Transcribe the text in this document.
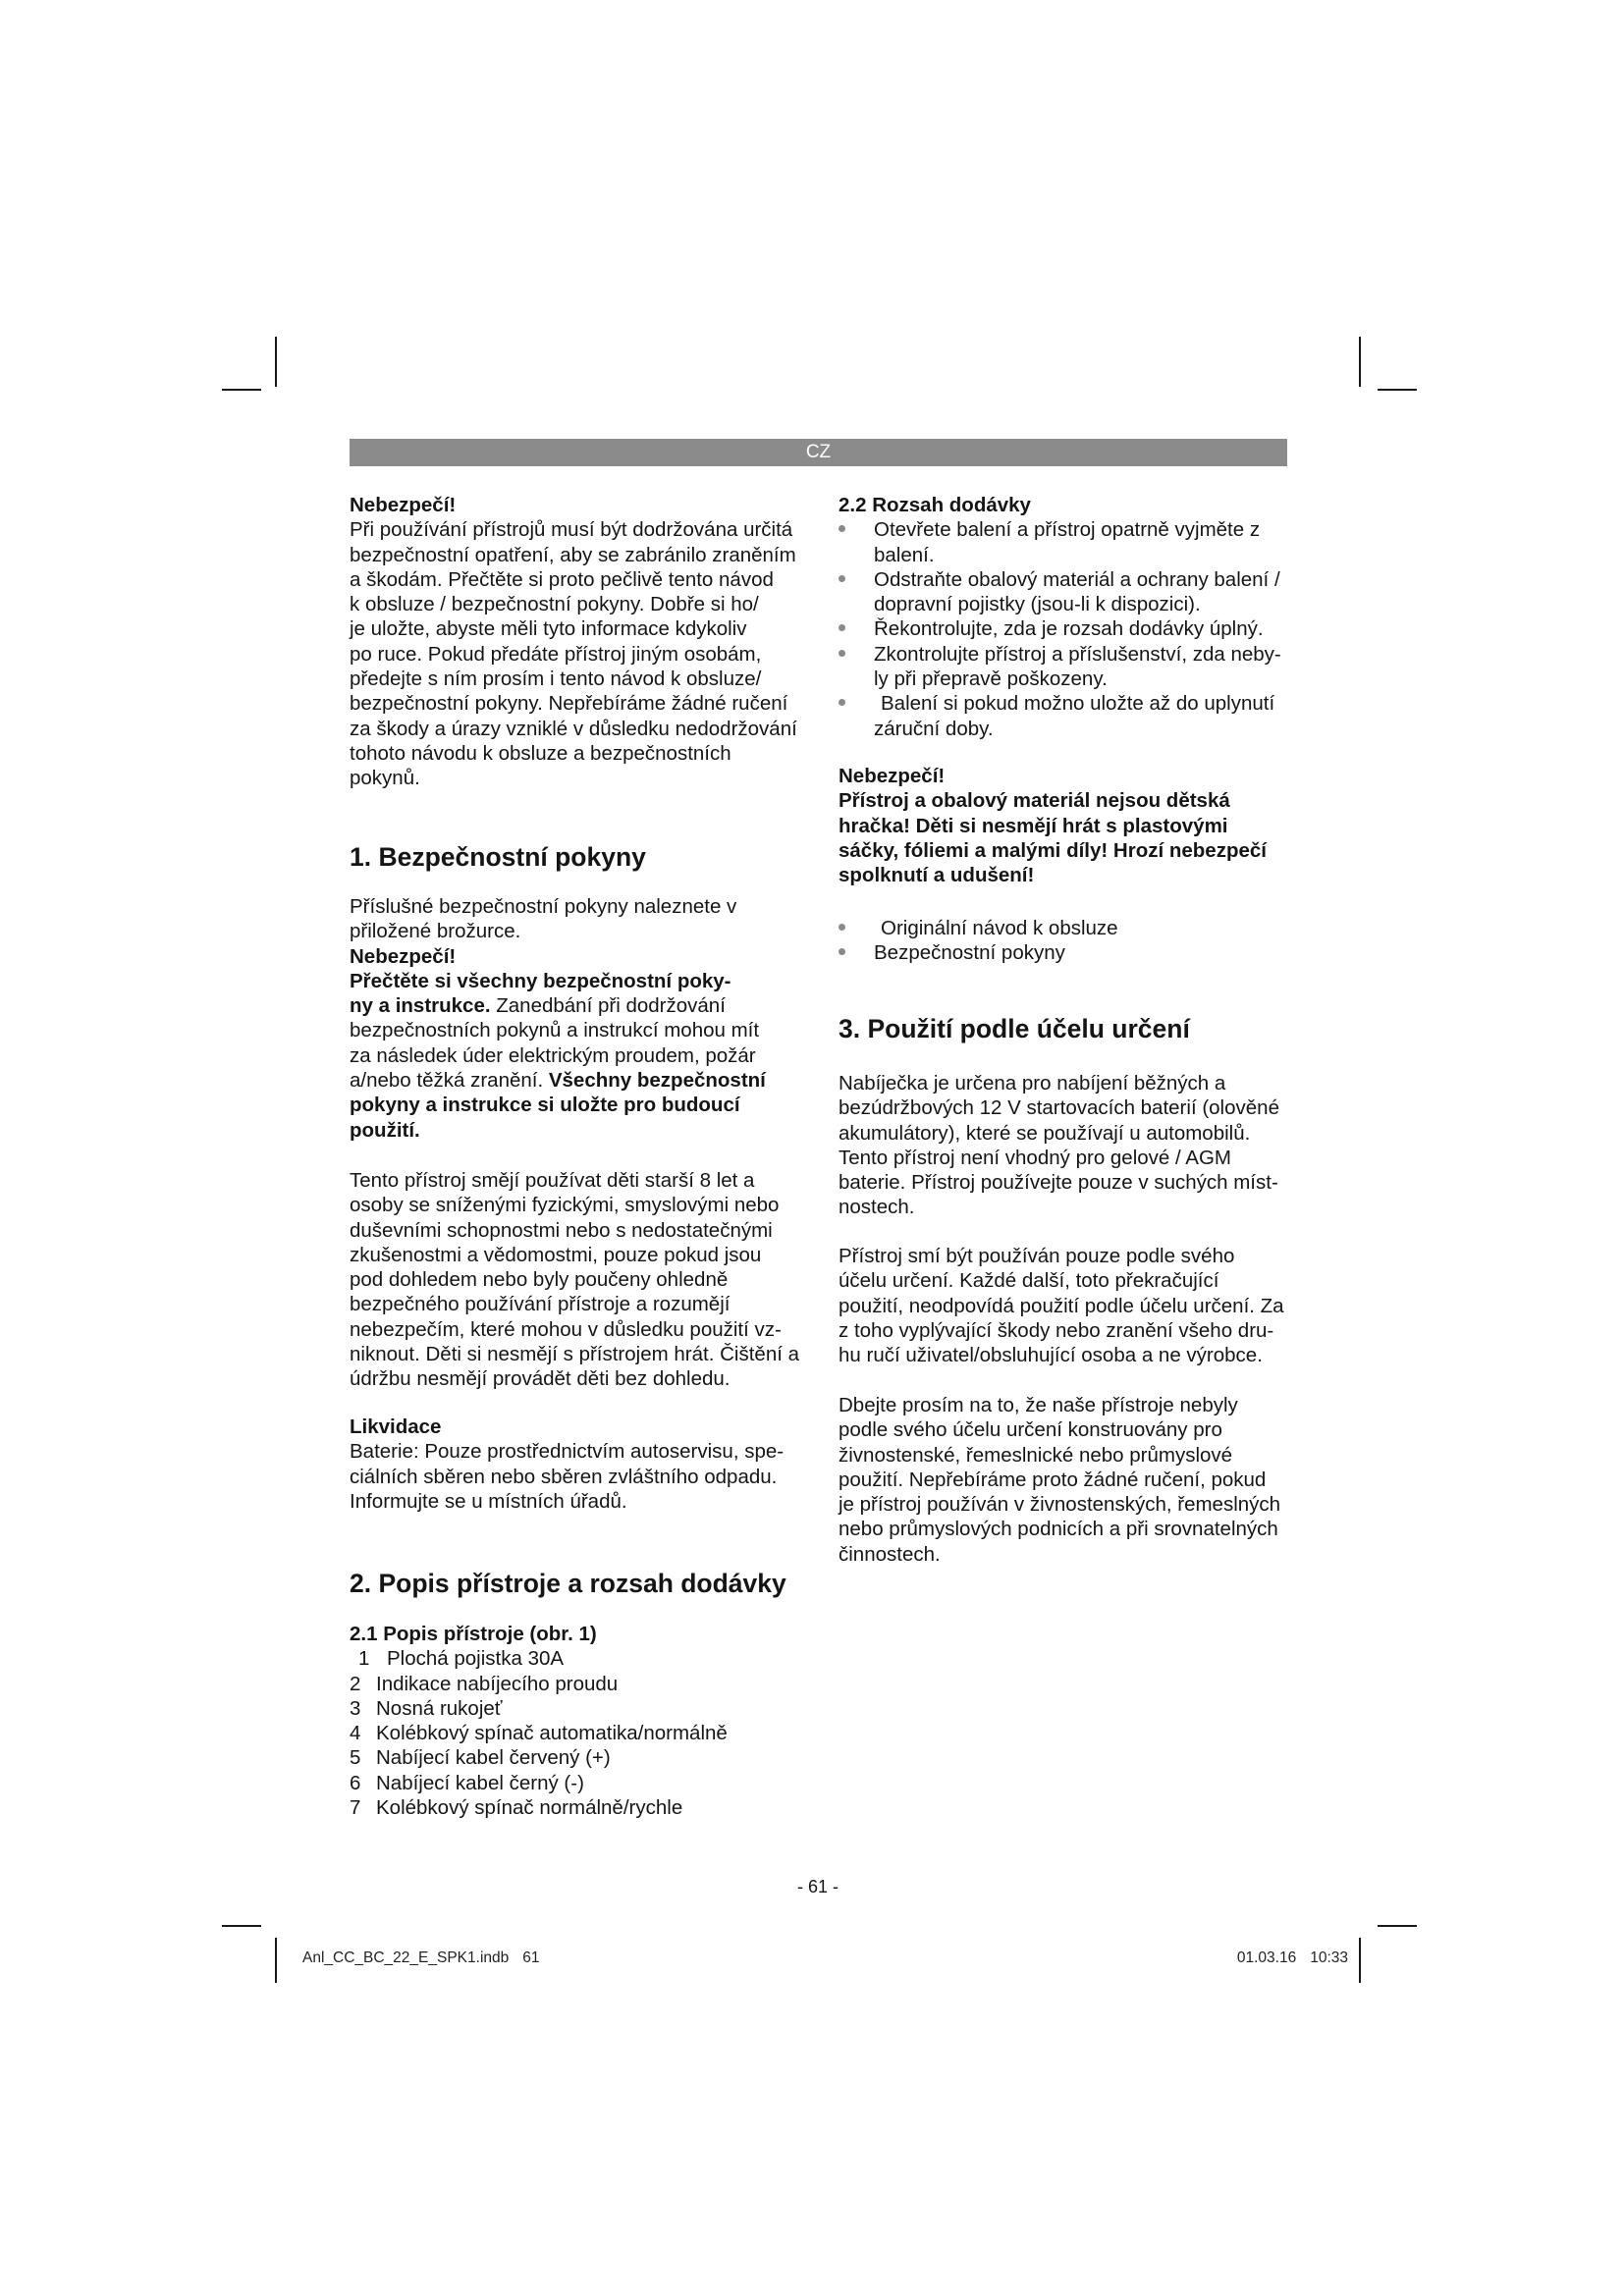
CZ
Nebezpečí!
Při používání přístrojů musí být dodržována určitá
bezpečnostní opatření, aby se zabránilo zraněním
a škodám. Přečtěte si proto pečlivě tento návod
k obsluze / bezpečnostní pokyny. Dobře si ho/
je uložte, abyste měli tyto informace kdykoliv
po ruce. Pokud předáte přístroj jiným osobám,
předejte s ním prosím i tento návod k obsluze/
bezpečnostní pokyny. Nepřebíráme žádné ručení
za škody a úrazy vzniklé v důsledku nedodržování
tohoto návodu k obsluze a bezpečnostních
pokynů.
1. Bezpečnostní pokyny
Příslušné bezpečnostní pokyny naleznete v
přiložené brožurce.
Nebezpečí!
Přečtěte si všechny bezpečnostní poky-
ny a instrukce. Zanedbání při dodržování
bezpečnostních pokynů a instrukcí mohou mít
za následek úder elektrickým proudem, požár
a/nebo těžká zranění. Všechny bezpečnostní
pokyny a instrukce si uložte pro budoucí
použití.
Tento přístroj smějí používat děti starší 8 let a
osoby se sníženými fyzickými, smyslovými nebo
duševními schopnostmi nebo s nedostatečnými
zkušenostmi a vědomostmi, pouze pokud jsou
pod dohledem nebo byly poučeny ohledně
bezpečného používání přístroje a rozumějí
nebezpečím, které mohou v důsledku použití vz-
niknout. Děti si nesmějí s přístrojem hrát. Čištění a
údržbu nesmějí provádět děti bez dohledu.
Likvidace
Baterie: Pouze prostřednictvím autoservisu, spe-
ciálních sběren nebo sběren zvláštního odpadu.
Informujte se u místních úřadů.
2. Popis přístroje a rozsah dodávky
2.1 Popis přístroje (obr. 1)
1 Plochá pojistka 30A
2 Indikace nabíjecího proudu
3 Nosná rukojeť
4 Kolébkový spínač automatika/normálně
5 Nabíjecí kabel červený (+)
6 Nabíjecí kabel černý (-)
7 Kolébkový spínač normálně/rychle
2.2 Rozsah dodávky
Otevřete balení a přístroj opatrně vyjměte z
balení.
Odstraňte obalový materiál a ochrany balení /
dopravní pojistky (jsou-li k dispozici).
Řekontrolujte, zda je rozsah dodávky úplný.
Zkontrolujte přístroj a příslušenství, zda neby-
ly při přepravě poškozeny.
Balení si pokud možno uložte až do uplynutí
záruční doby.
Nebezpečí!
Přístroj a obalový materiál nejsou dětská
hračka! Děti si nesmějí hrát s plastovými
sáčky, fóliemi a malými díly! Hrozí nebezpečí
spolknutí a udušení!
Originální návod k obsluze
Bezpečnostní pokyny
3. Použití podle účelu určení
Nabíječka je určena pro nabíjení běžných a
bezúdržbových 12 V startovacích baterií (olověné
akumulátory), které se používají u automobilů.
Tento přístroj není vhodný pro gelové / AGM
baterie. Přístroj používejte pouze v suchých míst-
nostech.
Přístroj smí být používán pouze podle svého
účelu určení. Každé další, toto překračující
použití, neodpovídá použití podle účelu určení. Za
z toho vyplývající škody nebo zranění všeho dru-
hu ručí uživatel/obsluhující osoba a ne výrobce.
Dbejte prosím na to, že naše přístroje nebyly
podle svého účelu určení konstruovány pro
živnostenské, řemeslnické nebo průmyslové
použití. Nepřebíráme proto žádné ručení, pokud
je přístroj používán v živnostenských, řemeslných
nebo průmyslových podnicích a při srovnatelných
činnostech.
- 61 -
Anl_CC_BC_22_E_SPK1.indb 61	01.03.16 10:33
